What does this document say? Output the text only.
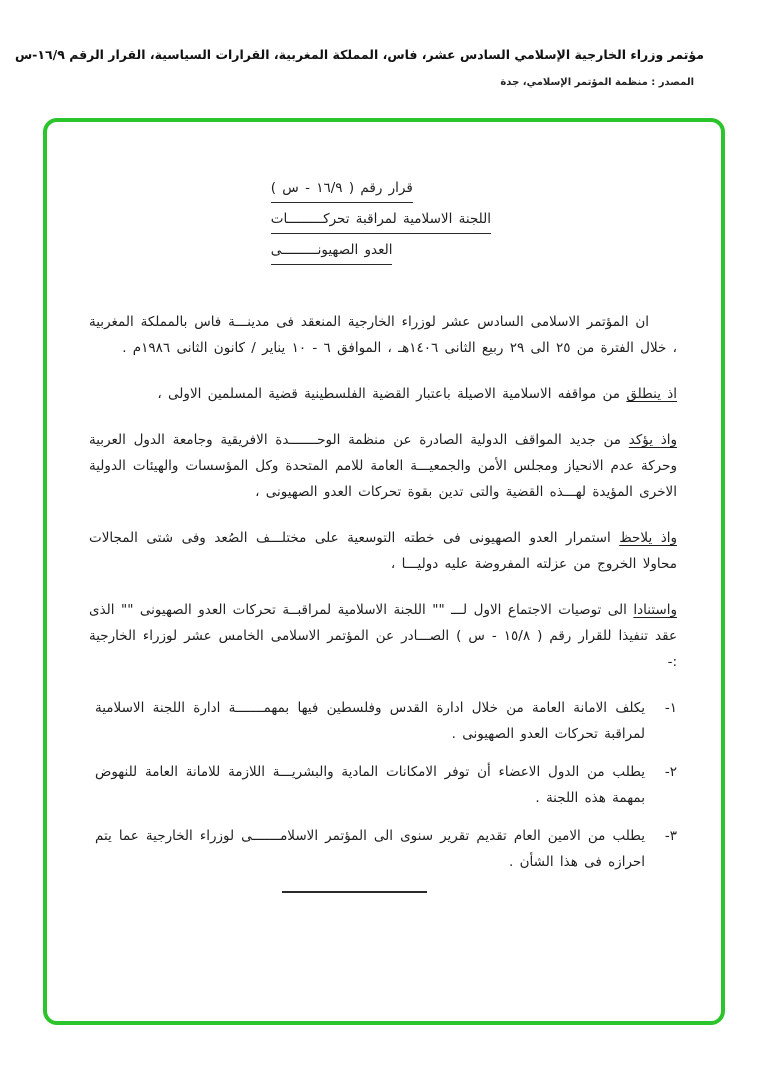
مؤتمر وزراء الخارجية الإسلامي السادس عشر، فاس، المملكة المغربية، القرارات السياسية، القرار الرقم ١٦/٩-س
المصدر : منظمة المؤتمر الإسلامي، جدة
قرار رقم ( ١٦/٩ - س )
اللجنة الاسلامية لمراقبة تحركـــــــــات
العدو الصهيونـــــــــى

ان المؤتمر الاسلامى السادس عشر لوزراء الخارجية المنعقد فى مدينـــة فاس بالمملكة المغربية ، خلال الفترة من ٢٥ الى ٢٩ ربيع الثانى ١٤٠٦هـ ، الموافق ٦ - ١٠ يناير / كانون الثانى ١٩٨٦م .

اذ ينطلق من مواقفه الاسلامية الاصيلة باعتبار القضية الفلسطينية قضية المسلمين الاولى ،

واذ يؤكد من جديد المواقف الدولية الصادرة عن منظمة الوحـــــــدة الافريقية وجامعة الدول العربية وحركة عدم الانحياز ومجلس الأمن والجمعيـــة العامة للامم المتحدة وكل المؤسسات والهيئات الدولية الاخرى المؤيدة لهـــذه القضية والتى تدين بقوة تحركات العدو الصهيونى ،

واذ يلاحظ استمرار العدو الصهيونى فى خطته التوسعية على مختلـــف الصُعد وفى شتى المجالات محاولا الخروج من عزلته المفروضة عليه دوليـــا ،

واستنادا الى توصيات الاجتماع الاول لـــ "" اللجنة الاسلامية لمراقبــة تحركات العدو الصهيونى "" الذى عقد تنفيذا للقرار رقم ( ١٥/٨ - س ) الصـــادر عن المؤتمر الاسلامى الخامس عشر لوزراء الخارجية :-

١-
يكلف الامانة العامة من خلال ادارة القدس وفلسطين فيها بمهمـــــــة ادارة اللجنة الاسلامية لمراقبة تحركات العدو الصهيونى .
٢-
يطلب من الدول الاعضاء أن توفر الامكانات المادية والبشريـــة اللازمة للامانة العامة للنهوض بمهمة هذه اللجنة .
٣-
يطلب من الامين العام تقديم تقرير سنوى الى المؤتمر الاسلامـــــــى لوزراء الخارجية عما يتم احرازه فى هذا الشأن .
